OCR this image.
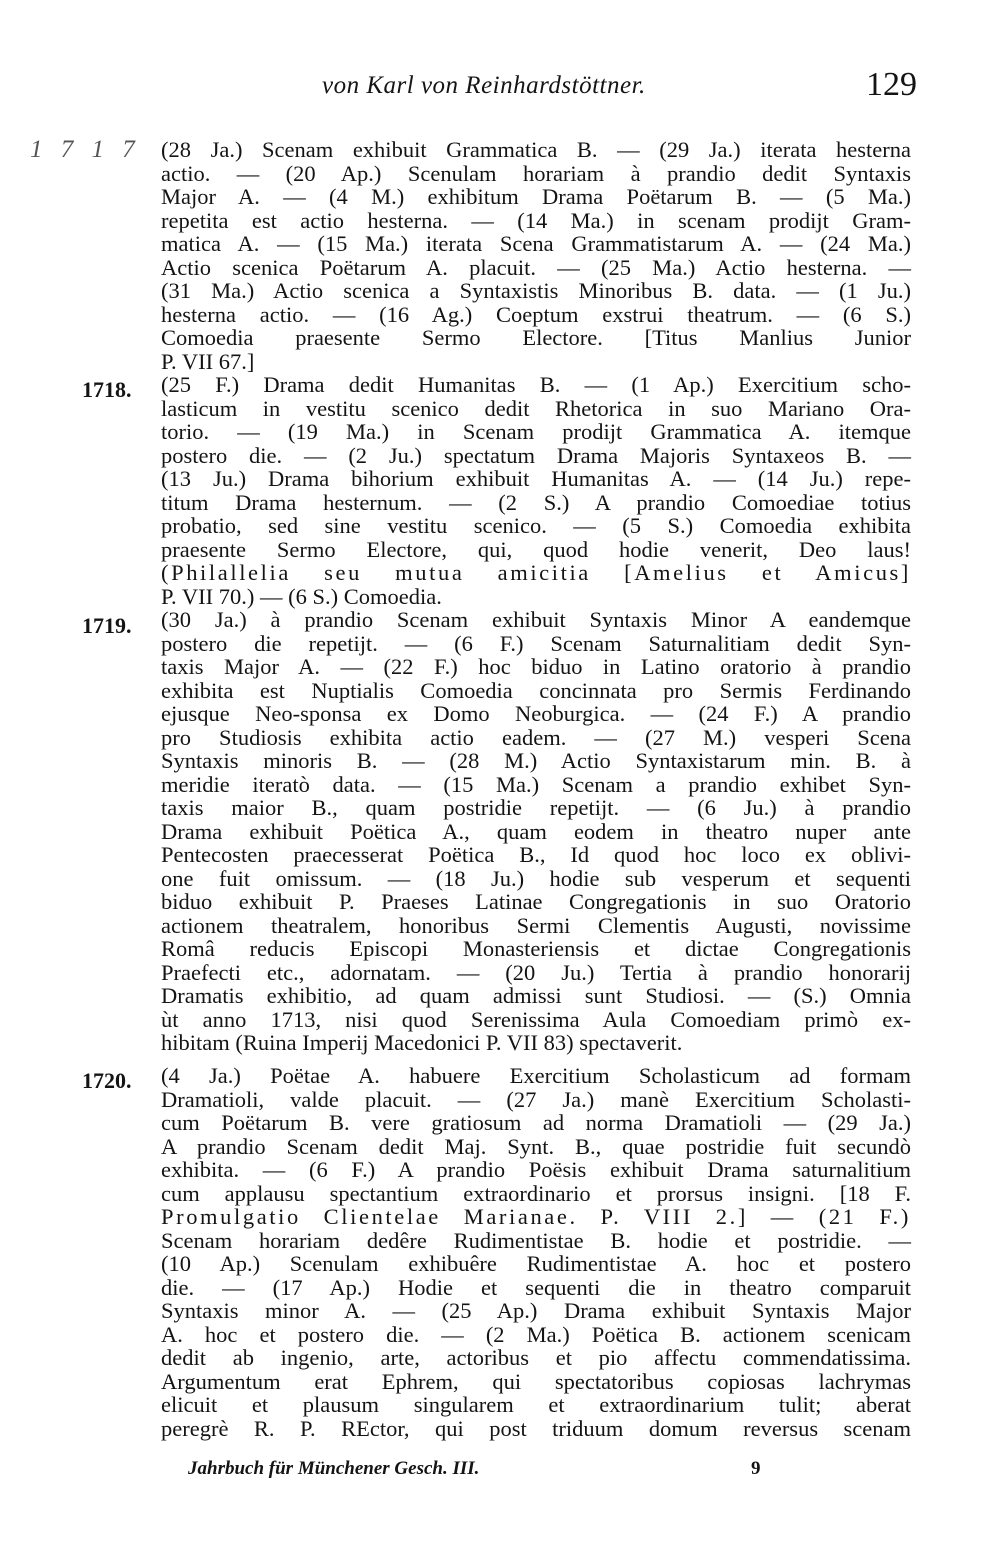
von Karl von Reinhardstöttner.	129
1 7 1 7
1718.
1719.
1720.
(28 Ja.) Scenam exhibuit Grammatica B. — (29 Ja.) iterata hesterna
actio. — (20 Ap.) Scenulam horariam à prandio dedit Syntaxis
Major A. — (4 M.) exhibitum Drama Poëtarum B. — (5 Ma.)
repetita est actio hesterna. — (14 Ma.) in scenam prodijt Gram-
matica A. — (15 Ma.) iterata Scena Grammatistarum A. — (24 Ma.)
Actio scenica Poëtarum A. placuit. — (25 Ma.) Actio hesterna. —
(31 Ma.) Actio scenica a Syntaxistis Minoribus B. data. — (1 Ju.)
hesterna actio. — (16 Ag.) Coeptum exstrui theatrum. — (6 S.)
Comoedia praesente Sermo Electore. [Titus Manlius Junior
P. VII 67.]
(25 F.) Drama dedit Humanitas B. — (1 Ap.) Exercitium scho-
lasticum in vestitu scenico dedit Rhetorica in suo Mariano Ora-
torio. — (19 Ma.) in Scenam prodijt Grammatica A. itemque
postero die. — (2 Ju.) spectatum Drama Majoris Syntaxeos B. —
(13 Ju.) Drama bihorium exhibuit Humanitas A. — (14 Ju.) repe-
titum Drama hesternum. — (2 S.) A prandio Comoediae totius
probatio, sed sine vestitu scenico. — (5 S.) Comoedia exhibita
praesente Sermo Electore, qui, quod hodie venerit, Deo laus!
(Philallelia seu mutua amicitia [Amelius et Amicus]
P. VII 70.) — (6 S.) Comoedia.
(30 Ja.) à prandio Scenam exhibuit Syntaxis Minor A eandemque
postero die repetijt. — (6 F.) Scenam Saturnalitiam dedit Syn-
taxis Major A. — (22 F.) hoc biduo in Latino oratorio à prandio
exhibita est Nuptialis Comoedia concinnata pro Sermis Ferdinando
ejusque Neo-sponsa ex Domo Neoburgica. — (24 F.) A prandio
pro Studiosis exhibita actio eadem. — (27 M.) vesperi Scena
Syntaxis minoris B. — (28 M.) Actio Syntaxistarum min. B. à
meridie iteratò data. — (15 Ma.) Scenam a prandio exhibet Syn-
taxis maior B., quam postridie repetijt. — (6 Ju.) à prandio
Drama exhibuit Poëtica A., quam eodem in theatro nuper ante
Pentecosten praecesserat Poëtica B., Id quod hoc loco ex oblivi-
one fuit omissum. — (18 Ju.) hodie sub vesperum et sequenti
biduo exhibuit P. Praeses Latinae Congregationis in suo Oratorio
actionem theatralem, honoribus Sermi Clementis Augusti, novissime
Româ reducis Episcopi Monasteriensis et dictae Congregationis
Praefecti etc., adornatam. — (20 Ju.) Tertia à prandio honorarij
Dramatis exhibitio, ad quam admissi sunt Studiosi. — (S.) Omnia
ùt anno 1713, nisi quod Serenissima Aula Comoediam primò ex-
hibitam (Ruina Imperij Macedonici P. VII 83) spectaverit.
(4 Ja.) Poëtae A. habuere Exercitium Scholasticum ad formam
Dramatioli, valde placuit. — (27 Ja.) manè Exercitium Scholasti-
cum Poëtarum B. vere gratiosum ad norma Dramatioli — (29 Ja.)
A prandio Scenam dedit Maj. Synt. B., quae postridie fuit secundò
exhibita. — (6 F.) A prandio Poësis exhibuit Drama saturnalitium
cum applausu spectantium extraordinario et prorsus insigni. [18 F.
Promulgatio Clientelae Marianae. P. VIII 2.] — (21 F.)
Scenam horariam dedêre Rudimentistae B. hodie et postridie. —
(10 Ap.) Scenulam exhibuêre Rudimentistae A. hoc et postero
die. — (17 Ap.) Hodie et sequenti die in theatro comparuit
Syntaxis minor A. — (25 Ap.) Drama exhibuit Syntaxis Major
A. hoc et postero die. — (2 Ma.) Poëtica B. actionem scenicam
dedit ab ingenio, arte, actoribus et pio affectu commendatissima.
Argumentum erat Ephrem, qui spectatoribus copiosas lachrymas
elicuit et plausum singularem et extraordinarium tulit; aberat
peregrè R. P. REctor, qui post triduum domum reversus scenam
Jahrbuch für Münchener Gesch. III.	9
